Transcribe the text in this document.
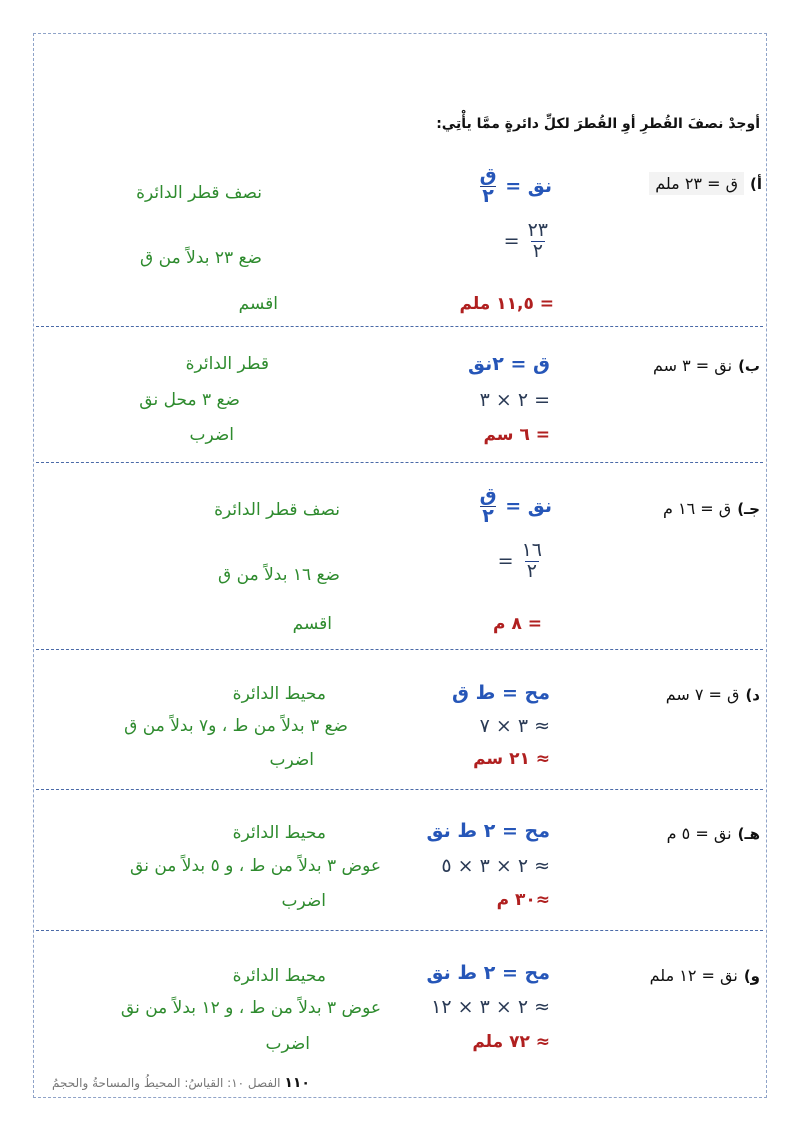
أوجدْ نصفَ القُطرِ أوِ القُطرَ لكلِّ دائرةٍ ممَّا يأْتِي:
أ)
ق = ٢٣ ملم
نق =
$\frac{\text{ق}}{٢}$
نصف قطر الدائرة
$\frac{٢٣}{٢}$
=
ضع ٢٣ بدلاً من ق
= ١١,٥ ملم
اقسم
ب)
نق = ٣ سم
ق = ٢نق
قطر الدائرة
= ٢ × ٣
ضع ٣ محل نق
= ٦ سم
اضرب
جـ)
ق = ١٦ م
نق =
$\frac{\text{ق}}{٢}$
نصف قطر الدائرة
$\frac{١٦}{٢}$
=
ضع ١٦ بدلاً من ق
= ٨ م
اقسم
د)
ق = ٧ سم
مح = ط ق
محيط الدائرة
≈ ٣ × ٧
ضع ٣ بدلاً من ط ، و٧ بدلاً من ق
≈ ٢١ سم
اضرب
هـ)
نق = ٥ م
مح = ٢ ط نق
محيط الدائرة
≈ ٢ × ٣ × ٥
عوض ٣ بدلاً من ط ، و ٥ بدلاً من نق
≈٣٠ م
اضرب
و)
نق = ١٢ ملم
مح = ٢ ط نق
محيط الدائرة
≈ ٢ × ٣ × ١٢
عوض ٣ بدلاً من ط ، و ١٢ بدلاً من نق
≈ ٧٢ ملم
اضرب
١١٠ الفصل ١٠: القياسُ: المحيطُ والمساحةُ والحجمُ
